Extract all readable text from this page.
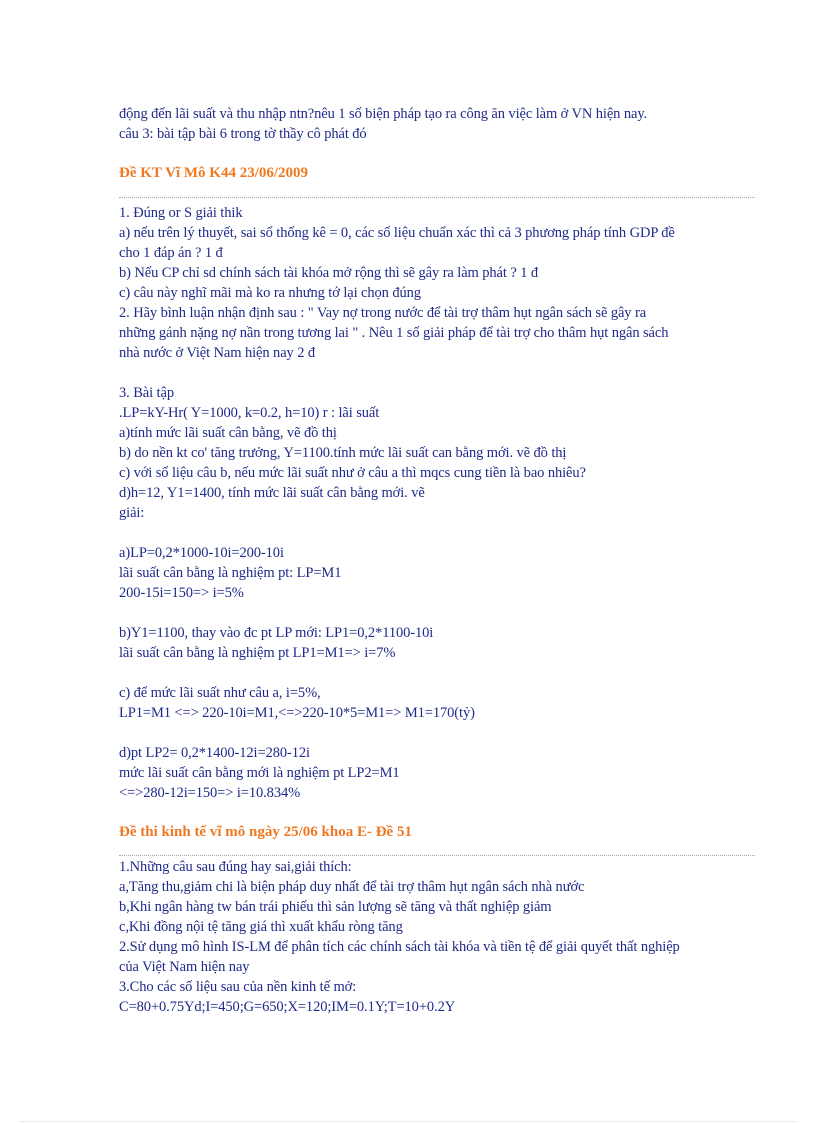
động đến lãi suất và thu nhập ntn?nêu 1 số biện pháp tạo ra công ăn việc làm ở VN hiện nay.
câu 3: bài tập bài 6 trong tờ thầy cô phát đó
Đề KT Vĩ Mô K44 23/06/2009
1. Đúng or S giải thik
a) nếu trên lý thuyết, sai số thống kê = 0, các số liệu chuẩn xác thì cả 3 phương pháp tính GDP đề
cho 1 đáp án ? 1 đ
b) Nếu CP chỉ sd chính sách tài khóa mở rộng thì sẽ gây ra làm phát ? 1 đ
c) câu này nghĩ mãi mà ko ra nhưng tớ lại chọn đúng
2. Hãy bình luận nhận định sau : " Vay nợ trong nước để tài trợ thâm hụt ngân sách sẽ gây ra
những gánh nặng nợ nần trong tương lai " . Nêu 1 số giải pháp để tài trợ cho thâm hụt ngân sách
nhà nước ở Việt Nam hiện nay 2 đ
3. Bài tập
.LP=kY-Hr( Y=1000, k=0.2, h=10) r : lãi suất
a)tính mức lãi suất cân bằng, vẽ đồ thị
b) do nền kt co' tăng trưởng, Y=1100.tính mức lãi suất can bằng mới. vẽ đồ thị
c) với số liệu câu b, nếu mức lãi suất như ở câu a thì mqcs cung tiền là bao nhiêu?
d)h=12, Y1=1400, tính mức lãi suất cân bằng mới. vẽ
giải:
a)LP=0,2*1000-10i=200-10i
lãi suất cân bằng là nghiệm pt: LP=M1
200-15i=150=> i=5%
b)Y1=1100, thay vào đc pt LP mới: LP1=0,2*1100-10i
lãi suất cân bằng là nghiệm pt LP1=M1=> i=7%
c) để mức lãi suất như câu a, i=5%,
LP1=M1 <=> 220-10i=M1,<=>220-10*5=M1=> M1=170(tỷ)
d)pt LP2= 0,2*1400-12i=280-12i
mức lãi suất cân bằng mới là nghiệm pt LP2=M1
<=>280-12i=150=> i=10.834%
Đề thi kinh tế vĩ mô ngày 25/06 khoa E- Đề 51
1.Những câu sau đúng hay sai,giải thích:
a,Tăng thu,giảm chi là biện pháp duy nhất để tài trợ thâm hụt ngân sách nhà nước
b,Khi ngân hàng tw bán trái phiếu thì sản lượng sẽ tăng và thất nghiệp giảm
c,Khi đồng nội tệ tăng giá thì xuất khẩu ròng tăng
2.Sử dụng mô hình IS-LM để phân tích các chính sách tài khóa và tiền tệ để giải quyết thất nghiệp
của Việt Nam hiện nay
3.Cho các số liệu sau của nền kinh tế mở:
C=80+0.75Yd;I=450;G=650;X=120;IM=0.1Y;T=10+0.2Y
